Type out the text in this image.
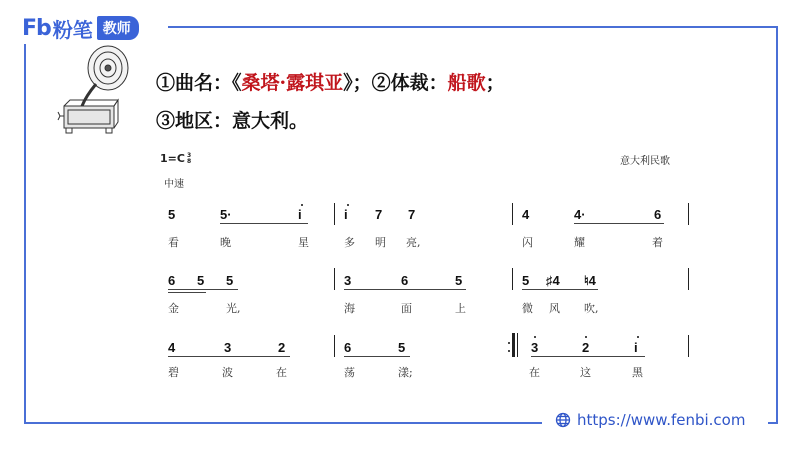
Fb 粉笔 教师
①曲名：《桑塔·露琪亚》；②体裁：船歌；
③地区：意大利。
1=C 3
8
中速
意大利民歌
5	5·	i	i 7 7	4	4·	6
看	晚	星	多 明 亮,	闪	耀	着
6 5 5	3	6	5	5 ♯4 ♮4
金	光,	海	面	上	微 风 吹,
4	3	2	6	5	3	2	i
碧	波	在	荡	漾;	在	这	黑
https://www.fenbi.com
